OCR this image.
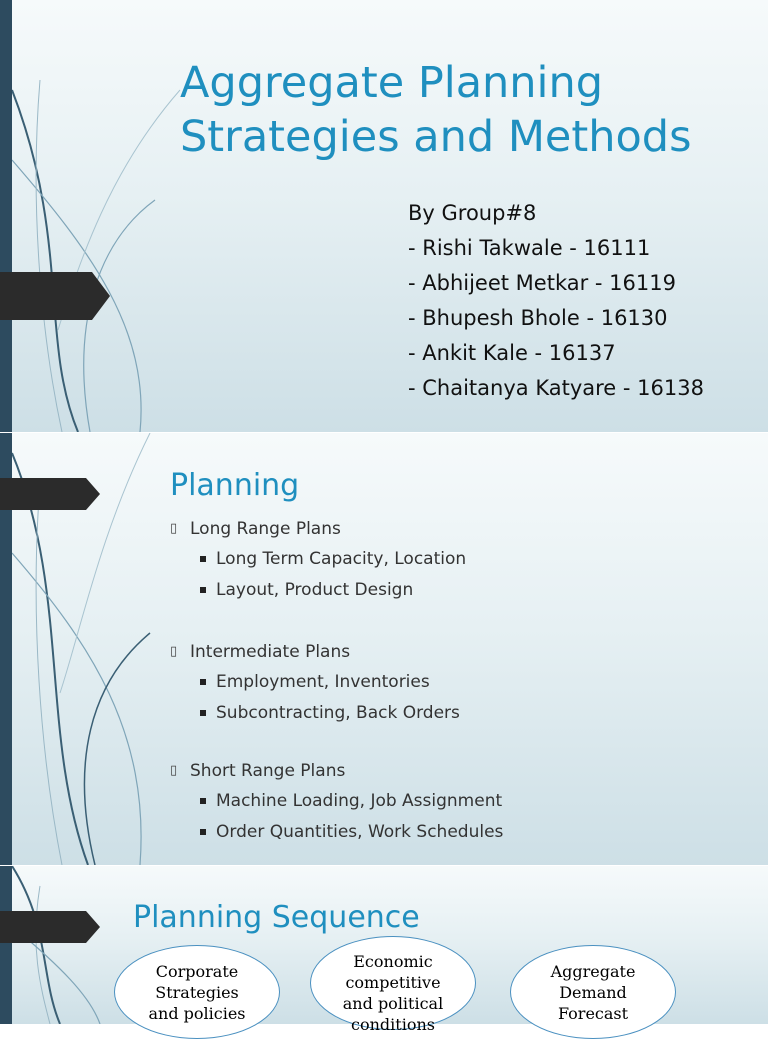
Aggregate Planning
Strategies and Methods
By Group#8
- Rishi Takwale - 16111
- Abhijeet Metkar - 16119
- Bhupesh Bhole - 16130
- Ankit Kale - 16137
- Chaitanya Katyare - 16138
Planning
▯ Long Range Plans
Long Term Capacity, Location
Layout, Product Design
▯ Intermediate Plans
Employment, Inventories
Subcontracting, Back Orders
▯ Short Range Plans
Machine Loading, Job Assignment
Order Quantities, Work Schedules
Planning Sequence
Corporate
Strategies
and policies
Economic
competitive
and political
conditions
Aggregate
Demand
Forecast
